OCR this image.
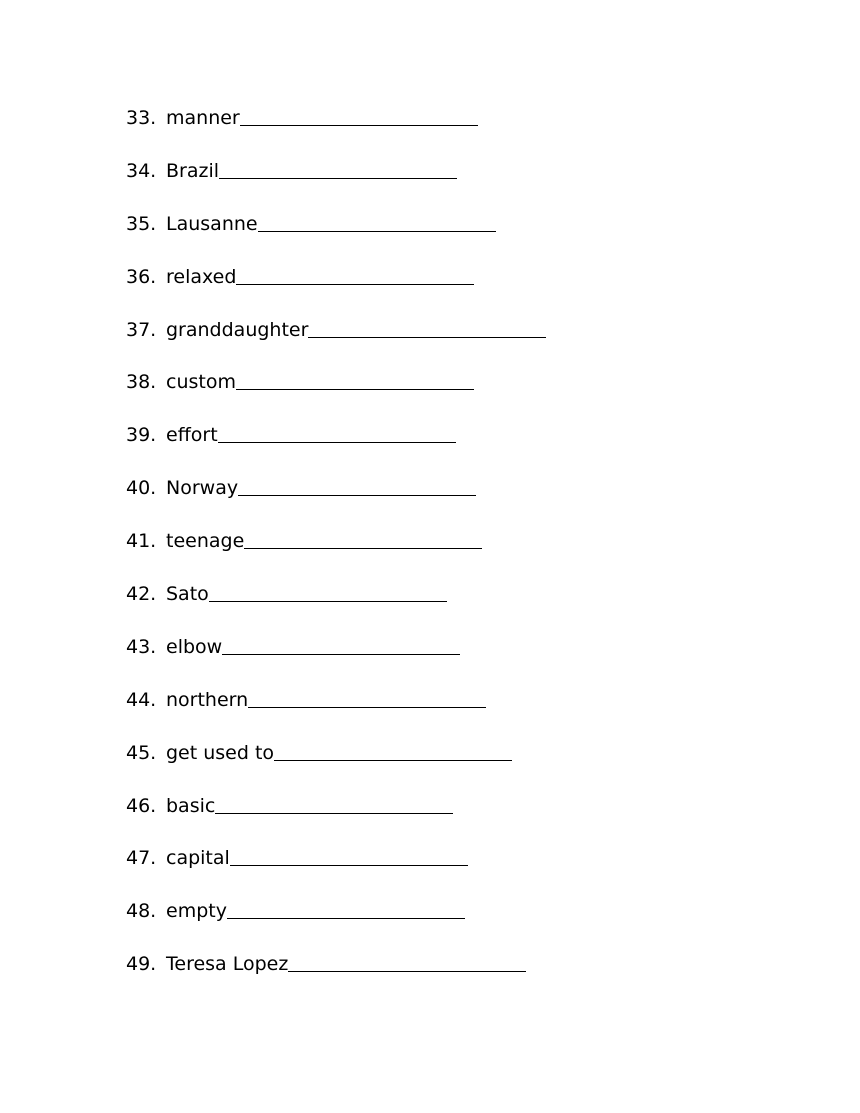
33. manner
34. Brazil
35. Lausanne
36. relaxed
37. granddaughter
38. custom
39. effort
40. Norway
41. teenage
42. Sato
43. elbow
44. northern
45. get used to
46. basic
47. capital
48. empty
49. Teresa Lopez
